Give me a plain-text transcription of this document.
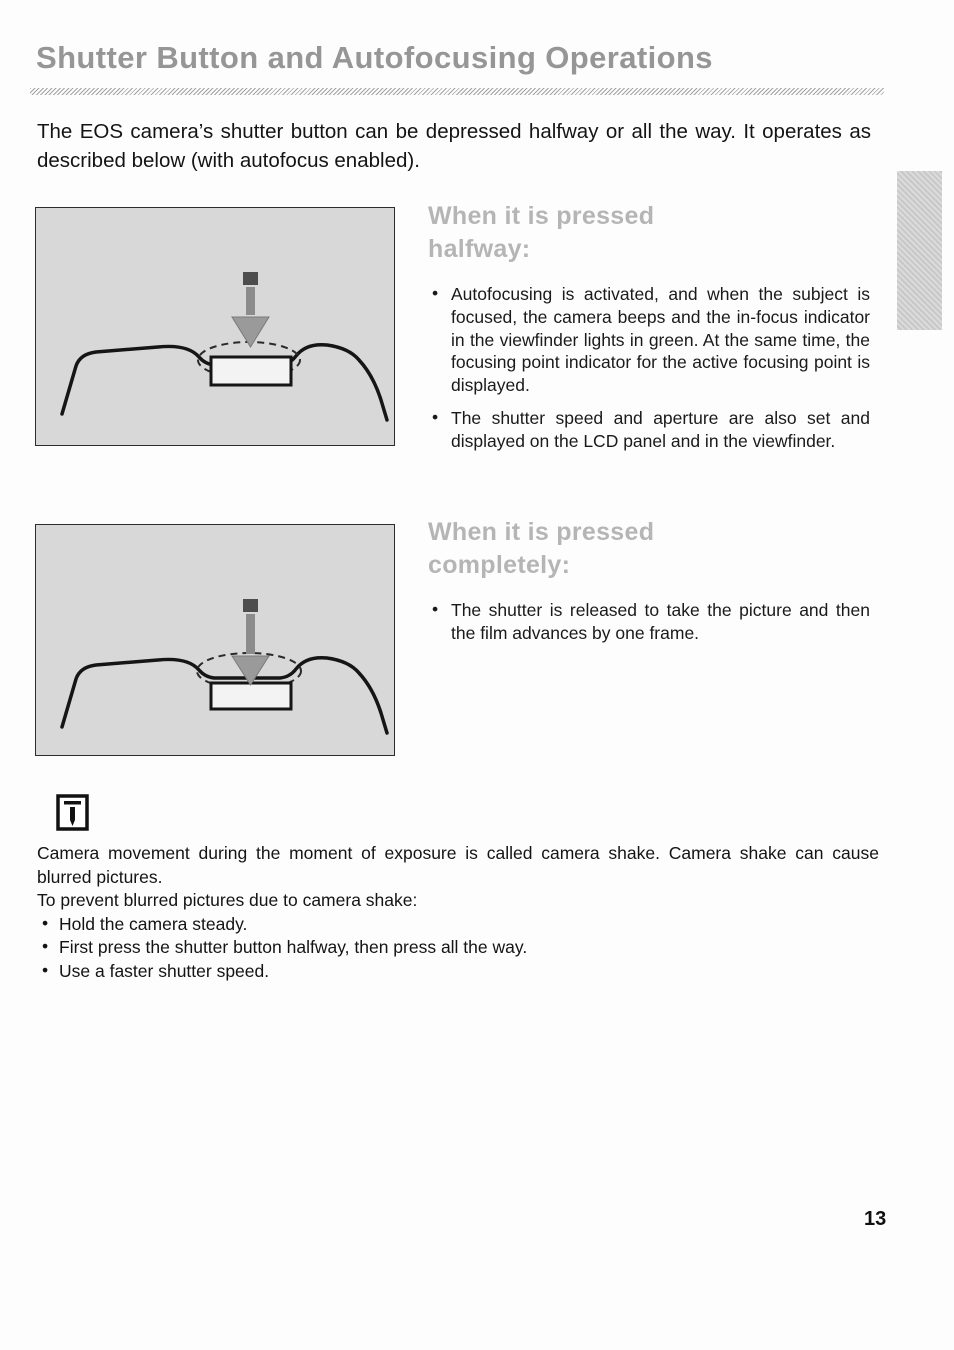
Shutter Button and Autofocusing Operations

The EOS camera’s shutter button can be depressed halfway or all the way. It operates as described below (with autofocus enabled).

When it is pressed
halfway:
• Autofocusing is activated, and when the subject is focused, the camera beeps and the in-focus indicator in the viewfinder lights in green. At the same time, the focusing point indicator for the active focusing point is displayed.
• The shutter speed and aperture are also set and displayed on the LCD panel and in the viewfinder.
When it is pressed
completely:
• The shutter is released to take the picture and then the film advances by one frame.

Camera movement during the moment of exposure is called camera shake. Camera shake can cause blurred pictures.

To prevent blurred pictures due to camera shake:

• Hold the camera steady.
• First press the shutter button halfway, then press all the way.
• Use a faster shutter speed.
13
